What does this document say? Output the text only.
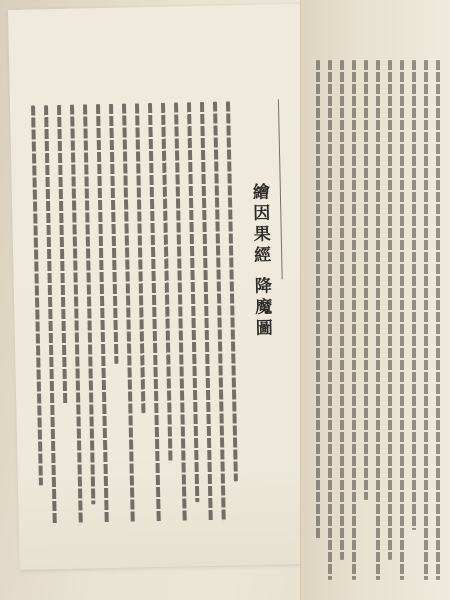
繪因果經 降魔圖
